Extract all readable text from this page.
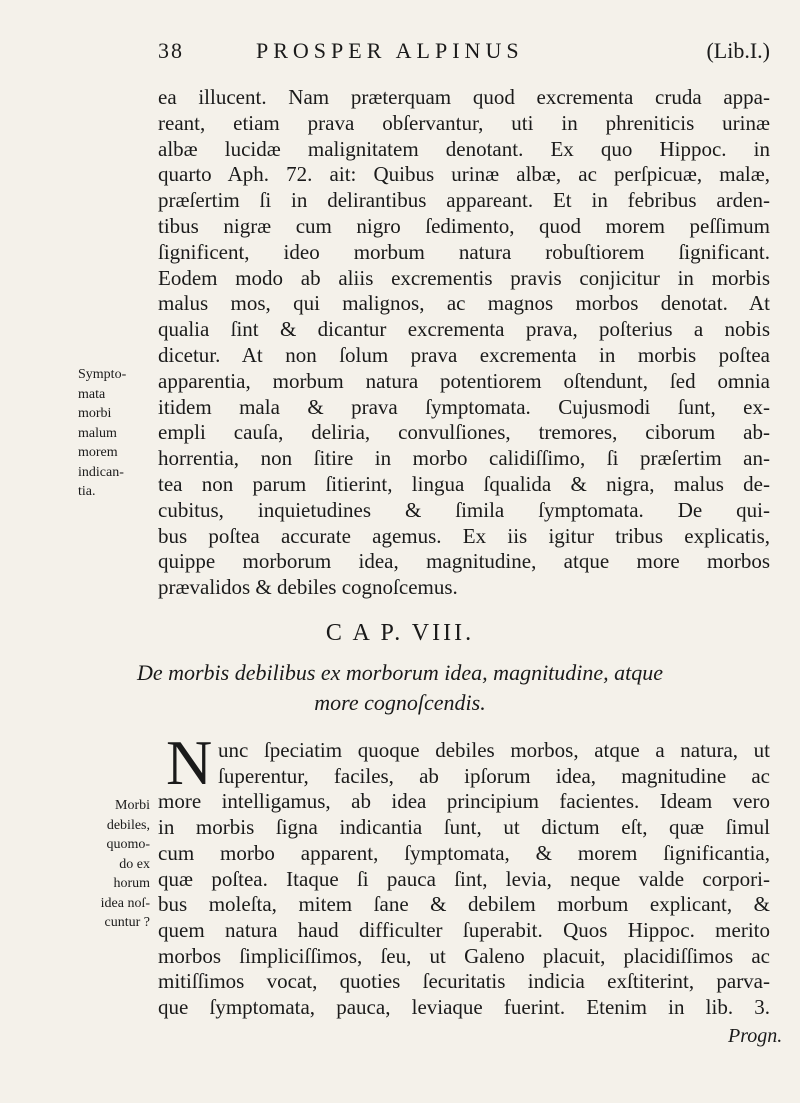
38	PROSPER ALPINUS	(Lib.I.)
ea illucent. Nam præterquam quod excrementa cruda appa-
reant, etiam prava obſervantur, uti in phreniticis urinæ
albæ lucidæ malignitatem denotant. Ex quo Hippoc. in
quarto Aph. 72. ait: Quibus urinæ albæ, ac perſpicuæ, malæ,
præſertim ſi in delirantibus appareant. Et in febribus arden-
tibus nigræ cum nigro ſedimento, quod morem peſſimum
ſignificent, ideo morbum natura robuſtiorem ſignificant.
Eodem modo ab aliis excrementis pravis conjicitur in morbis
malus mos, qui malignos, ac magnos morbos denotat. At
qualia ſint & dicantur excrementa prava, poſterius a nobis
dicetur. At non ſolum prava excrementa in morbis poſtea
apparentia, morbum natura potentiorem oſtendunt, ſed omnia
itidem mala & prava ſymptomata. Cujusmodi ſunt, ex-
empli cauſa, deliria, convulſiones, tremores, ciborum ab-
horrentia, non ſitire in morbo calidiſſimo, ſi præſertim an-
tea non parum ſitierint, lingua ſqualida & nigra, malus de-
cubitus, inquietudines & ſimila ſymptomata. De qui-
bus poſtea accurate agemus. Ex iis igitur tribus explicatis,
quippe morborum idea, magnitudine, atque more morbos
prævalidos & debiles cognoſcemus.
Sympto-
mata
morbi
malum
morem
indican-
tia.
C A P. VIII.
De morbis debilibus ex morborum idea, magnitudine, atque
more cognoſcendis.
N unc ſpeciatim quoque debiles morbos, atque a natura, ut
ſuperentur, faciles, ab ipſorum idea, magnitudine ac
more intelligamus, ab idea principium facientes. Ideam vero
in morbis ſigna indicantia ſunt, ut dictum eſt, quæ ſimul
cum morbo apparent, ſymptomata, & morem ſignificantia,
quæ poſtea. Itaque ſi pauca ſint, levia, neque valde corpori-
bus moleſta, mitem ſane & debilem morbum explicant, &
quem natura haud difficulter ſuperabit. Quos Hippoc. merito
morbos ſimpliciſſimos, ſeu, ut Galeno placuit, placidiſſimos ac
mitiſſimos vocat, quoties ſecuritatis indicia exſtiterint, parva-
que ſymptomata, pauca, leviaque fuerint. Etenim in lib. 3.
Morbi
debiles,
quomo-
do ex
horum
idea noſ-
cuntur ?
Progn.
